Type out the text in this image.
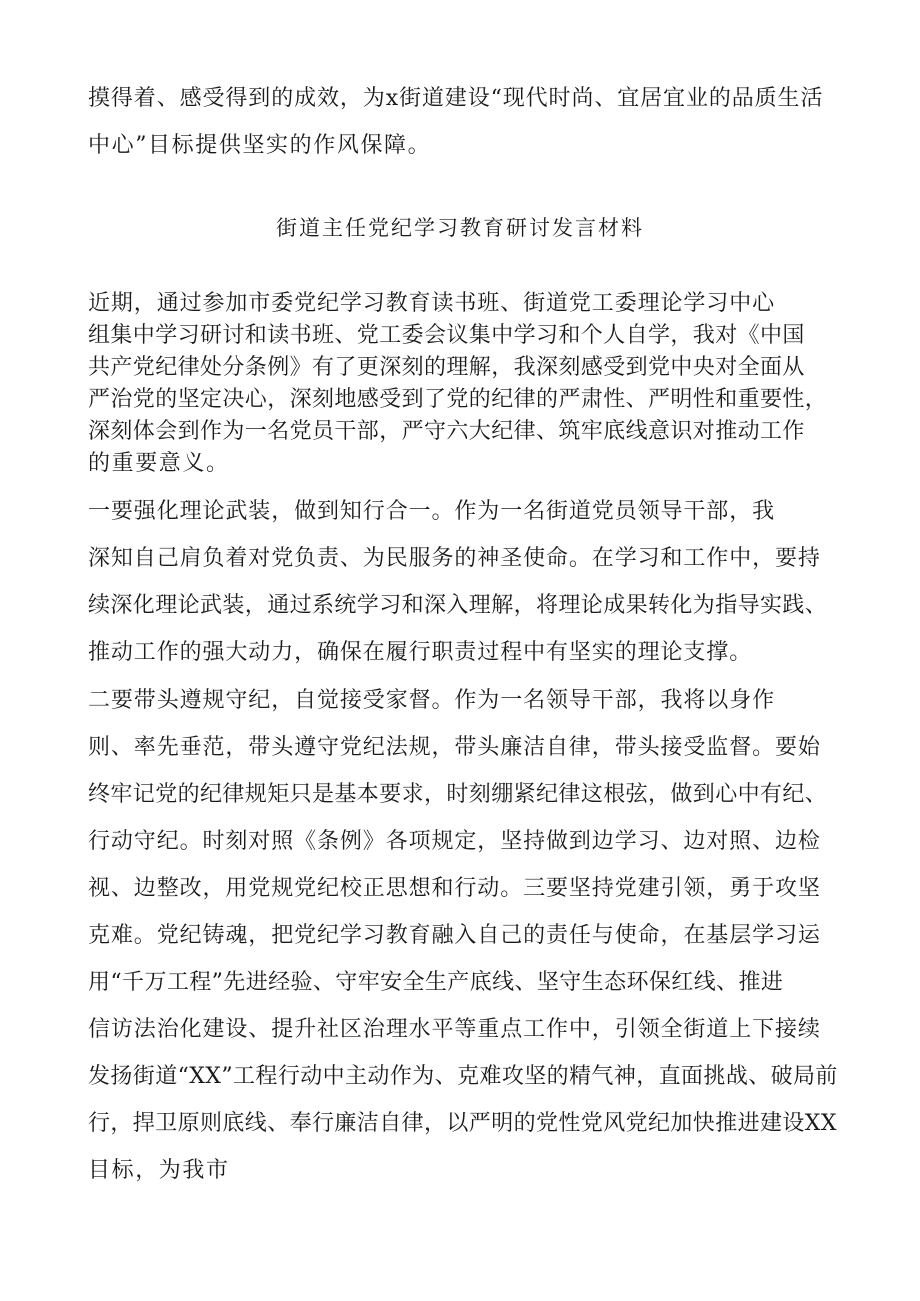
摸得着、感受得到的成效，为x街道建设“现代时尚、宜居宜业的品质生活
中心”目标提供坚实的作风保障。
街道主任党纪学习教育研讨发言材料
近期，通过参加市委党纪学习教育读书班、街道党工委理论学习中心
组集中学习研讨和读书班、党工委会议集中学习和个人自学，我对《中国
共产党纪律处分条例》有了更深刻的理解，我深刻感受到党中央对全面从
严治党的坚定决心，深刻地感受到了党的纪律的严肃性、严明性和重要性，
深刻体会到作为一名党员干部，严守六大纪律、筑牢底线意识对推动工作
的重要意义。
一要强化理论武装，做到知行合一。作为一名街道党员领导干部，我
深知自己肩负着对党负责、为民服务的神圣使命。在学习和工作中，要持
续深化理论武装，通过系统学习和深入理解，将理论成果转化为指导实践、
推动工作的强大动力，确保在履行职责过程中有坚实的理论支撑。
二要带头遵规守纪，自觉接受家督。作为一名领导干部，我将以身作
则、率先垂范，带头遵守党纪法规，带头廉洁自律，带头接受监督。要始
终牢记党的纪律规矩只是基本要求，时刻绷紧纪律这根弦，做到心中有纪、
行动守纪。时刻对照《条例》各项规定，坚持做到边学习、边对照、边检
视、边整改，用党规党纪校正思想和行动。三要坚持党建引领，勇于攻坚
克难。党纪铸魂，把党纪学习教育融入自己的责任与使命，在基层学习运
用“千万工程”先进经验、守牢安全生产底线、坚守生态环保红线、推进
信访法治化建设、提升社区治理水平等重点工作中，引领全街道上下接续
发扬街道“XX”工程行动中主动作为、克难攻坚的精气神，直面挑战、破局前
行，捍卫原则底线、奉行廉洁自律，以严明的党性党风党纪加快推进建设XX
目标，为我市
